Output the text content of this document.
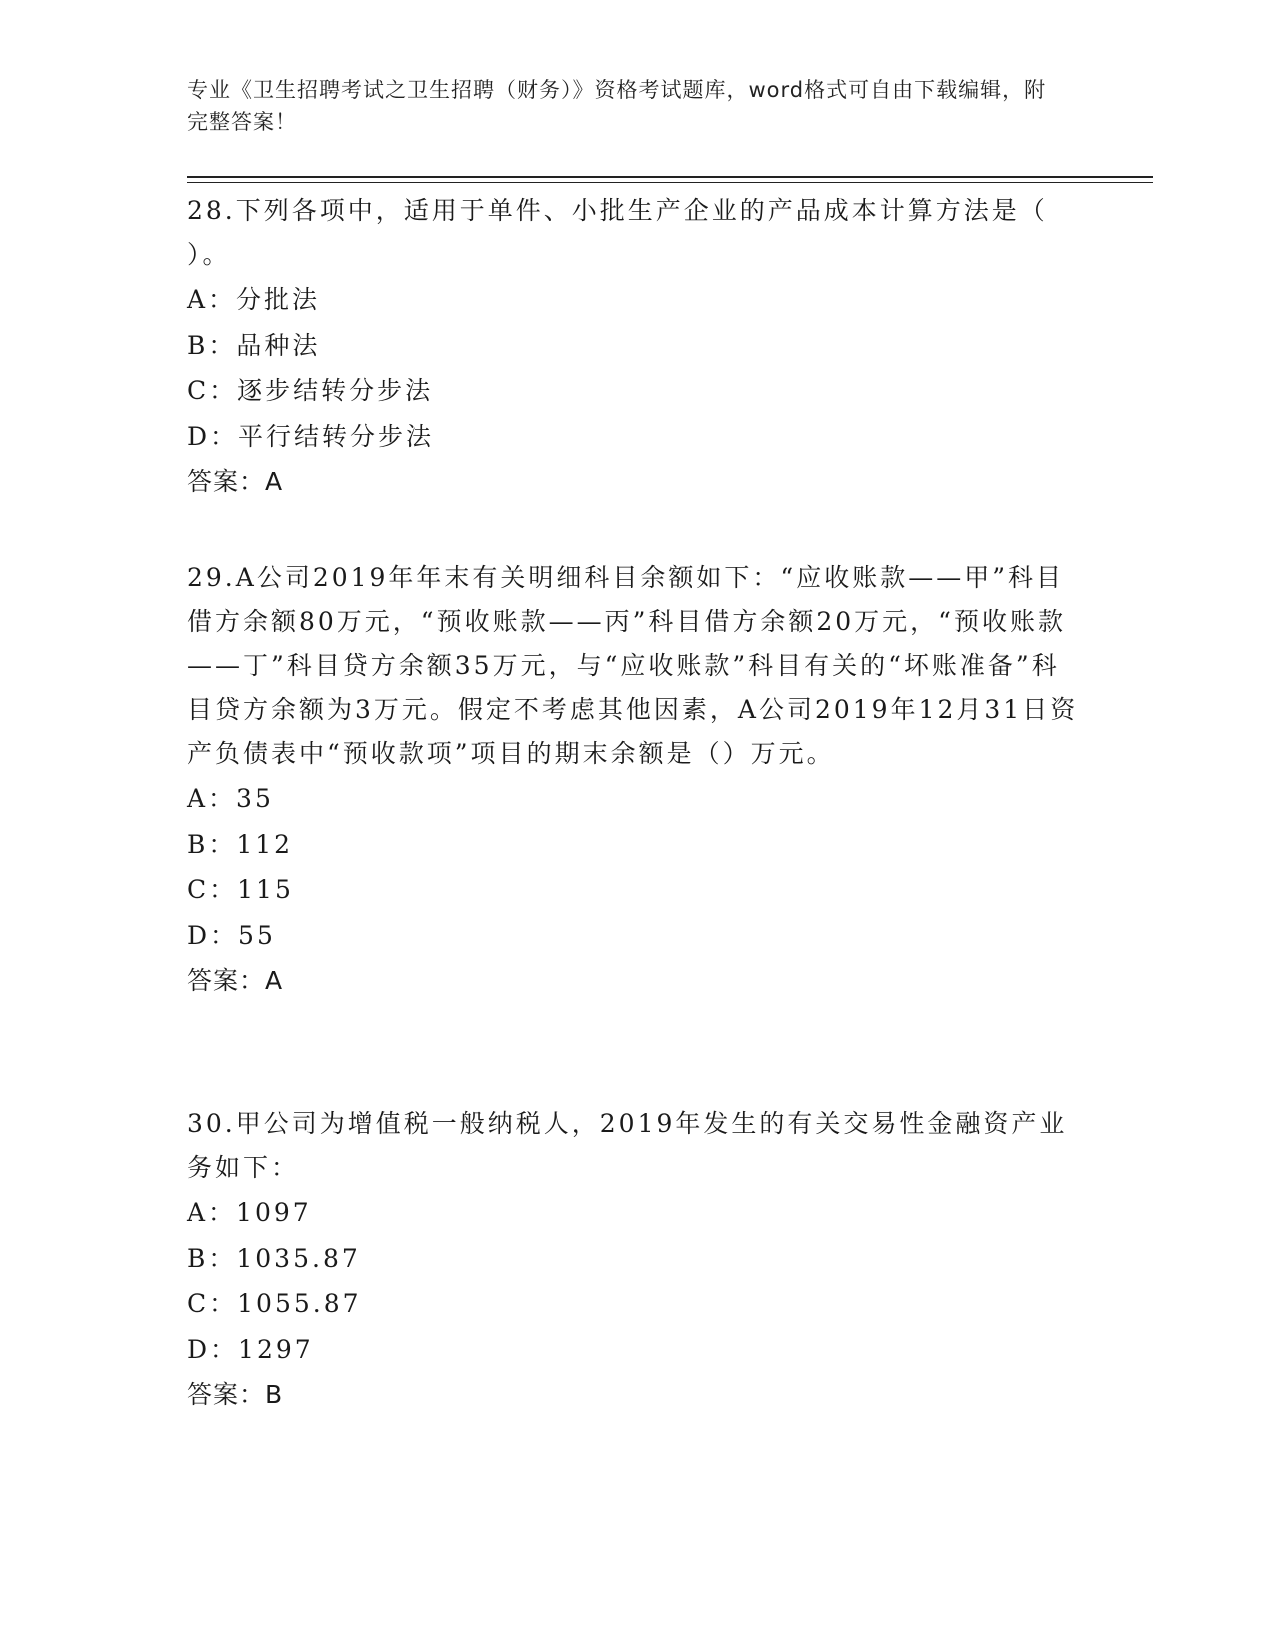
专业《卫生招聘考试之卫生招聘（财务）》资格考试题库，word格式可自由下载编辑，附完整答案！

28.下列各项中，适用于单件、小批生产企业的产品成本计算方法是（ ）。

A：分批法

B：品种法

C：逐步结转分步法

D：平行结转分步法

答案：A

29.A公司2019年年末有关明细科目余额如下：“应收账款——甲”科目借方余额80万元，“预收账款——丙”科目借方余额20万元，“预收账款——丁”科目贷方余额35万元，与“应收账款”科目有关的“坏账准备”科目贷方余额为3万元。假定不考虑其他因素，A公司2019年12月31日资产负债表中“预收款项”项目的期末余额是（）万元。

A：35

B：112

C：115

D：55

答案：A

30.甲公司为增值税一般纳税人，2019年发生的有关交易性金融资产业务如下：

A：1097

B：1035.87

C：1055.87

D：1297

答案：B
